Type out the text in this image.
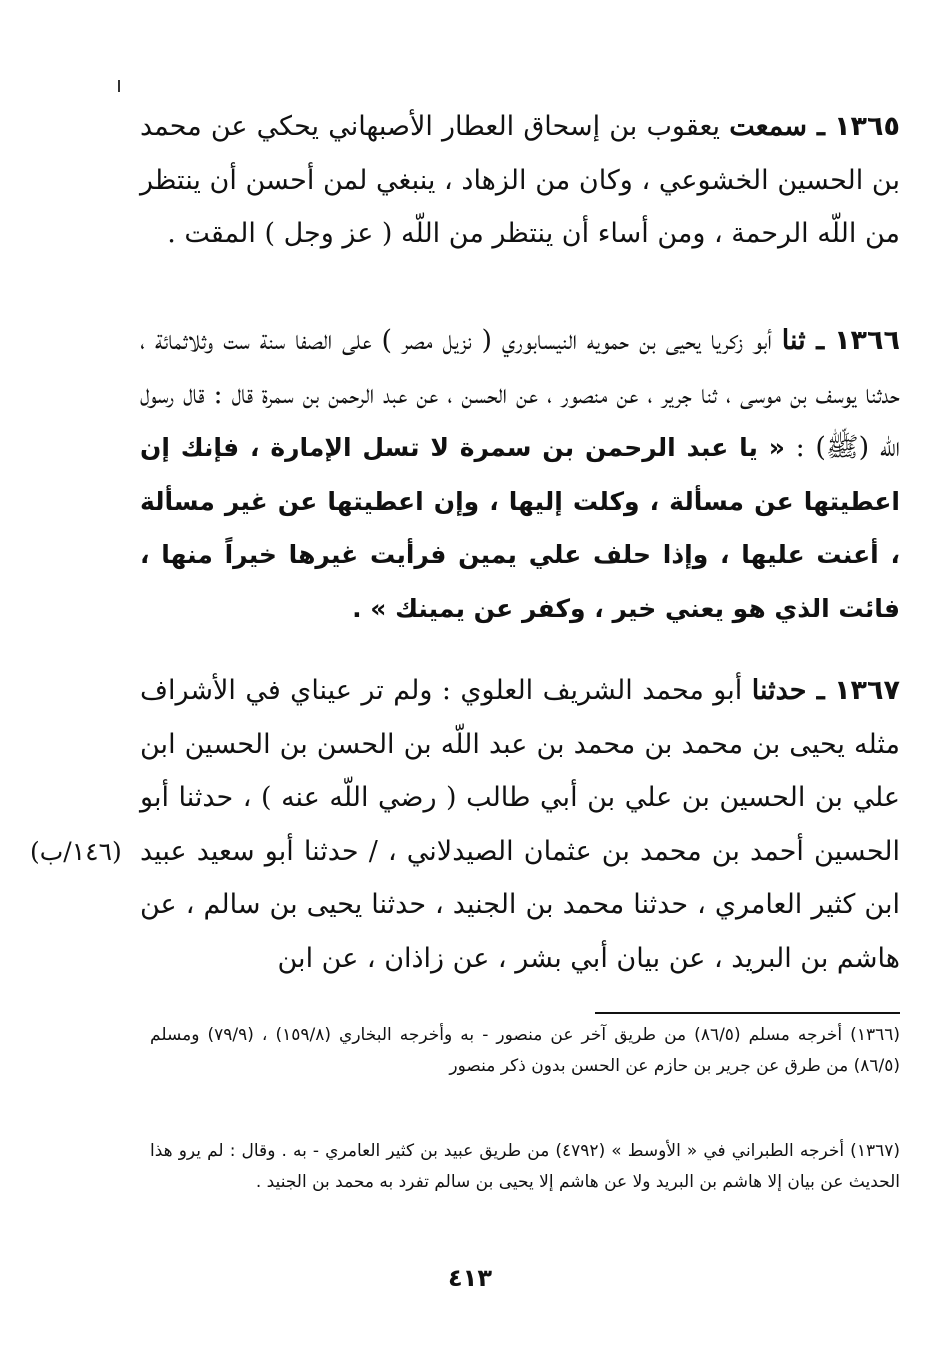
١٣٦٥ ـ سمعت يعقوب بن إسحاق العطار الأصبهاني يحكي عن محمد بن الحسين الخشوعي ، وكان من الزهاد ، ينبغي لمن أحسن أن ينتظر من اللّه الرحمة ، ومن أساء أن ينتظر من اللّه ( عز وجل ) المقت .

١٣٦٦ ـ ثنا أبو زكريا يحيى بن حمويه النيسابوري ( نزيل مصر ) على الصفا سنة ست وثلاثمائة ، حدثنا يوسف بن موسى ، ثنا جرير ، عن منصور ، عن الحسن ، عن عبد الرحمن بن سمرة قال : قال رسول اللّه (ﷺ) : « يا عبد الرحمن بن سمرة لا تسل الإمارة ، فإنك إن اعطيتها عن مسألة ، وكلت إليها ، وإن اعطيتها عن غير مسألة ، أعنت عليها ، وإذا حلف علي يمين فرأيت غيرها خيراً منها ، فائت الذي هو يعني خير ، وكفر عن يمينك » .

١٣٦٧ ـ حدثنا أبو محمد الشريف العلوي : ولم تر عيناي في الأشراف مثله يحيى بن محمد بن محمد بن عبد اللّه بن الحسن بن الحسين ابن علي بن الحسين بن علي بن أبي طالب ( رضي اللّه عنه ) ، حدثنا أبو الحسين أحمد بن محمد بن عثمان الصيدلاني ، / حدثنا أبو سعيد عبيد ابن كثير العامري ، حدثنا محمد بن الجنيد ، حدثنا يحيى بن سالم ، عن هاشم بن البريد ، عن بيان أبي بشر ، عن زاذان ، عن ابن

(١٤٦/ب)
(١٣٦٦) أخرجه مسلم (٨٦/٥) من طريق آخر عن منصور - به وأخرجه البخاري (١٥٩/٨) ، (٧٩/٩) ومسلم (٨٦/٥) من طرق عن جرير بن حازم عن الحسن بدون ذكر منصور
(١٣٦٧) أخرجه الطبراني في « الأوسط » (٤٧٩٢) من طريق عبيد بن كثير العامري - به . وقال : لم يرو هذا الحديث عن بيان إلا هاشم بن البريد ولا عن هاشم إلا يحيى بن سالم تفرد به محمد بن الجنيد .
٤١٣
